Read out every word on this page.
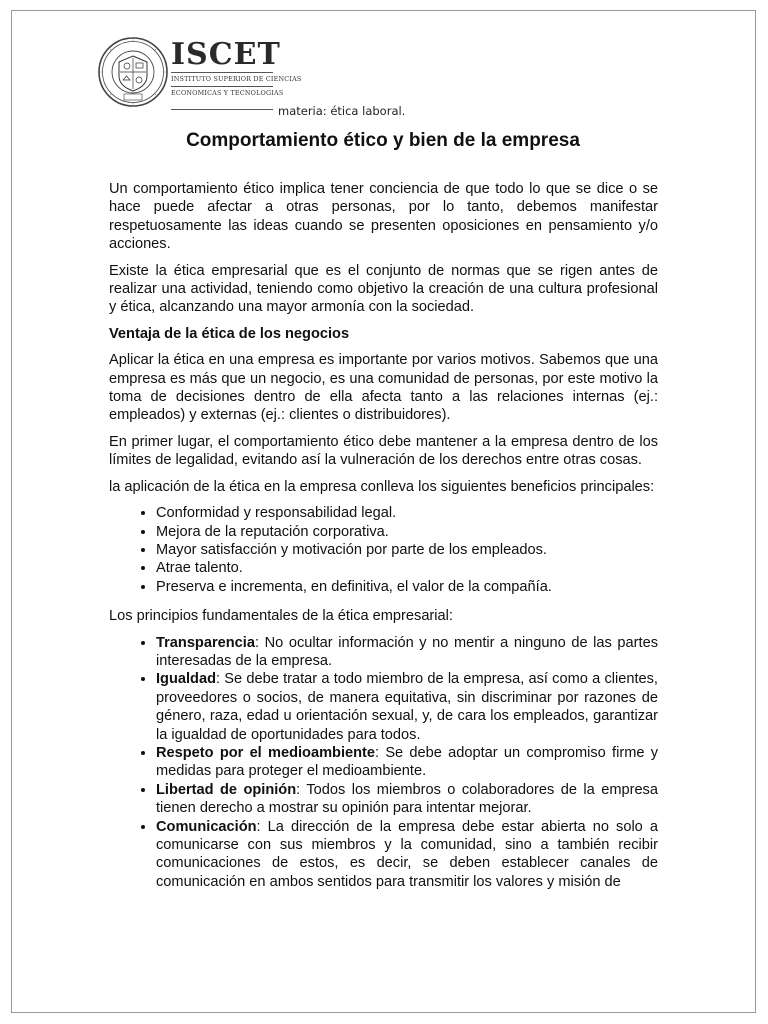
ISCET
INSTITUTO SUPERIOR DE CIENCIAS
ECONOMICAS Y TECNOLOGIAS
materia: ética laboral.
Comportamiento ético y bien de la empresa

Un comportamiento ético implica tener conciencia de que todo lo que se dice o se hace puede afectar a otras personas, por lo tanto, debemos manifestar respetuosamente las ideas cuando se presenten oposiciones en pensamiento y/o acciones.

Existe la ética empresarial que es el conjunto de normas que se rigen antes de realizar una actividad, teniendo como objetivo la creación de una cultura profesional y ética, alcanzando una mayor armonía con la sociedad.

Ventaja de la ética de los negocios

Aplicar la ética en una empresa es importante por varios motivos. Sabemos que una empresa es más que un negocio, es una comunidad de personas, por este motivo la toma de decisiones dentro de ella afecta tanto a las relaciones internas (ej.: empleados) y externas (ej.: clientes o distribuidores).

En primer lugar, el comportamiento ético debe mantener a la empresa dentro de los límites de legalidad, evitando así la vulneración de los derechos entre otras cosas.

la aplicación de la ética en la empresa conlleva los siguientes beneficios principales:

• Conformidad y responsabilidad legal.
• Mejora de la reputación corporativa.
• Mayor satisfacción y motivación por parte de los empleados.
• Atrae talento.
• Preserva e incrementa, en definitiva, el valor de la compañía.

Los principios fundamentales de la ética empresarial:

• Transparencia: No ocultar información y no mentir a ninguno de las partes interesadas de la empresa.
• Igualdad: Se debe tratar a todo miembro de la empresa, así como a clientes, proveedores o socios, de manera equitativa, sin discriminar por razones de género, raza, edad u orientación sexual, y, de cara los empleados, garantizar la igualdad de oportunidades para todos.
• Respeto por el medioambiente: Se debe adoptar un compromiso firme y medidas para proteger el medioambiente.
• Libertad de opinión: Todos los miembros o colaboradores de la empresa tienen derecho a mostrar su opinión para intentar mejorar.
• Comunicación: La dirección de la empresa debe estar abierta no solo a comunicarse con sus miembros y la comunidad, sino a también recibir comunicaciones de estos, es decir, se deben establecer canales de comunicación en ambos sentidos para transmitir los valores y misión de
